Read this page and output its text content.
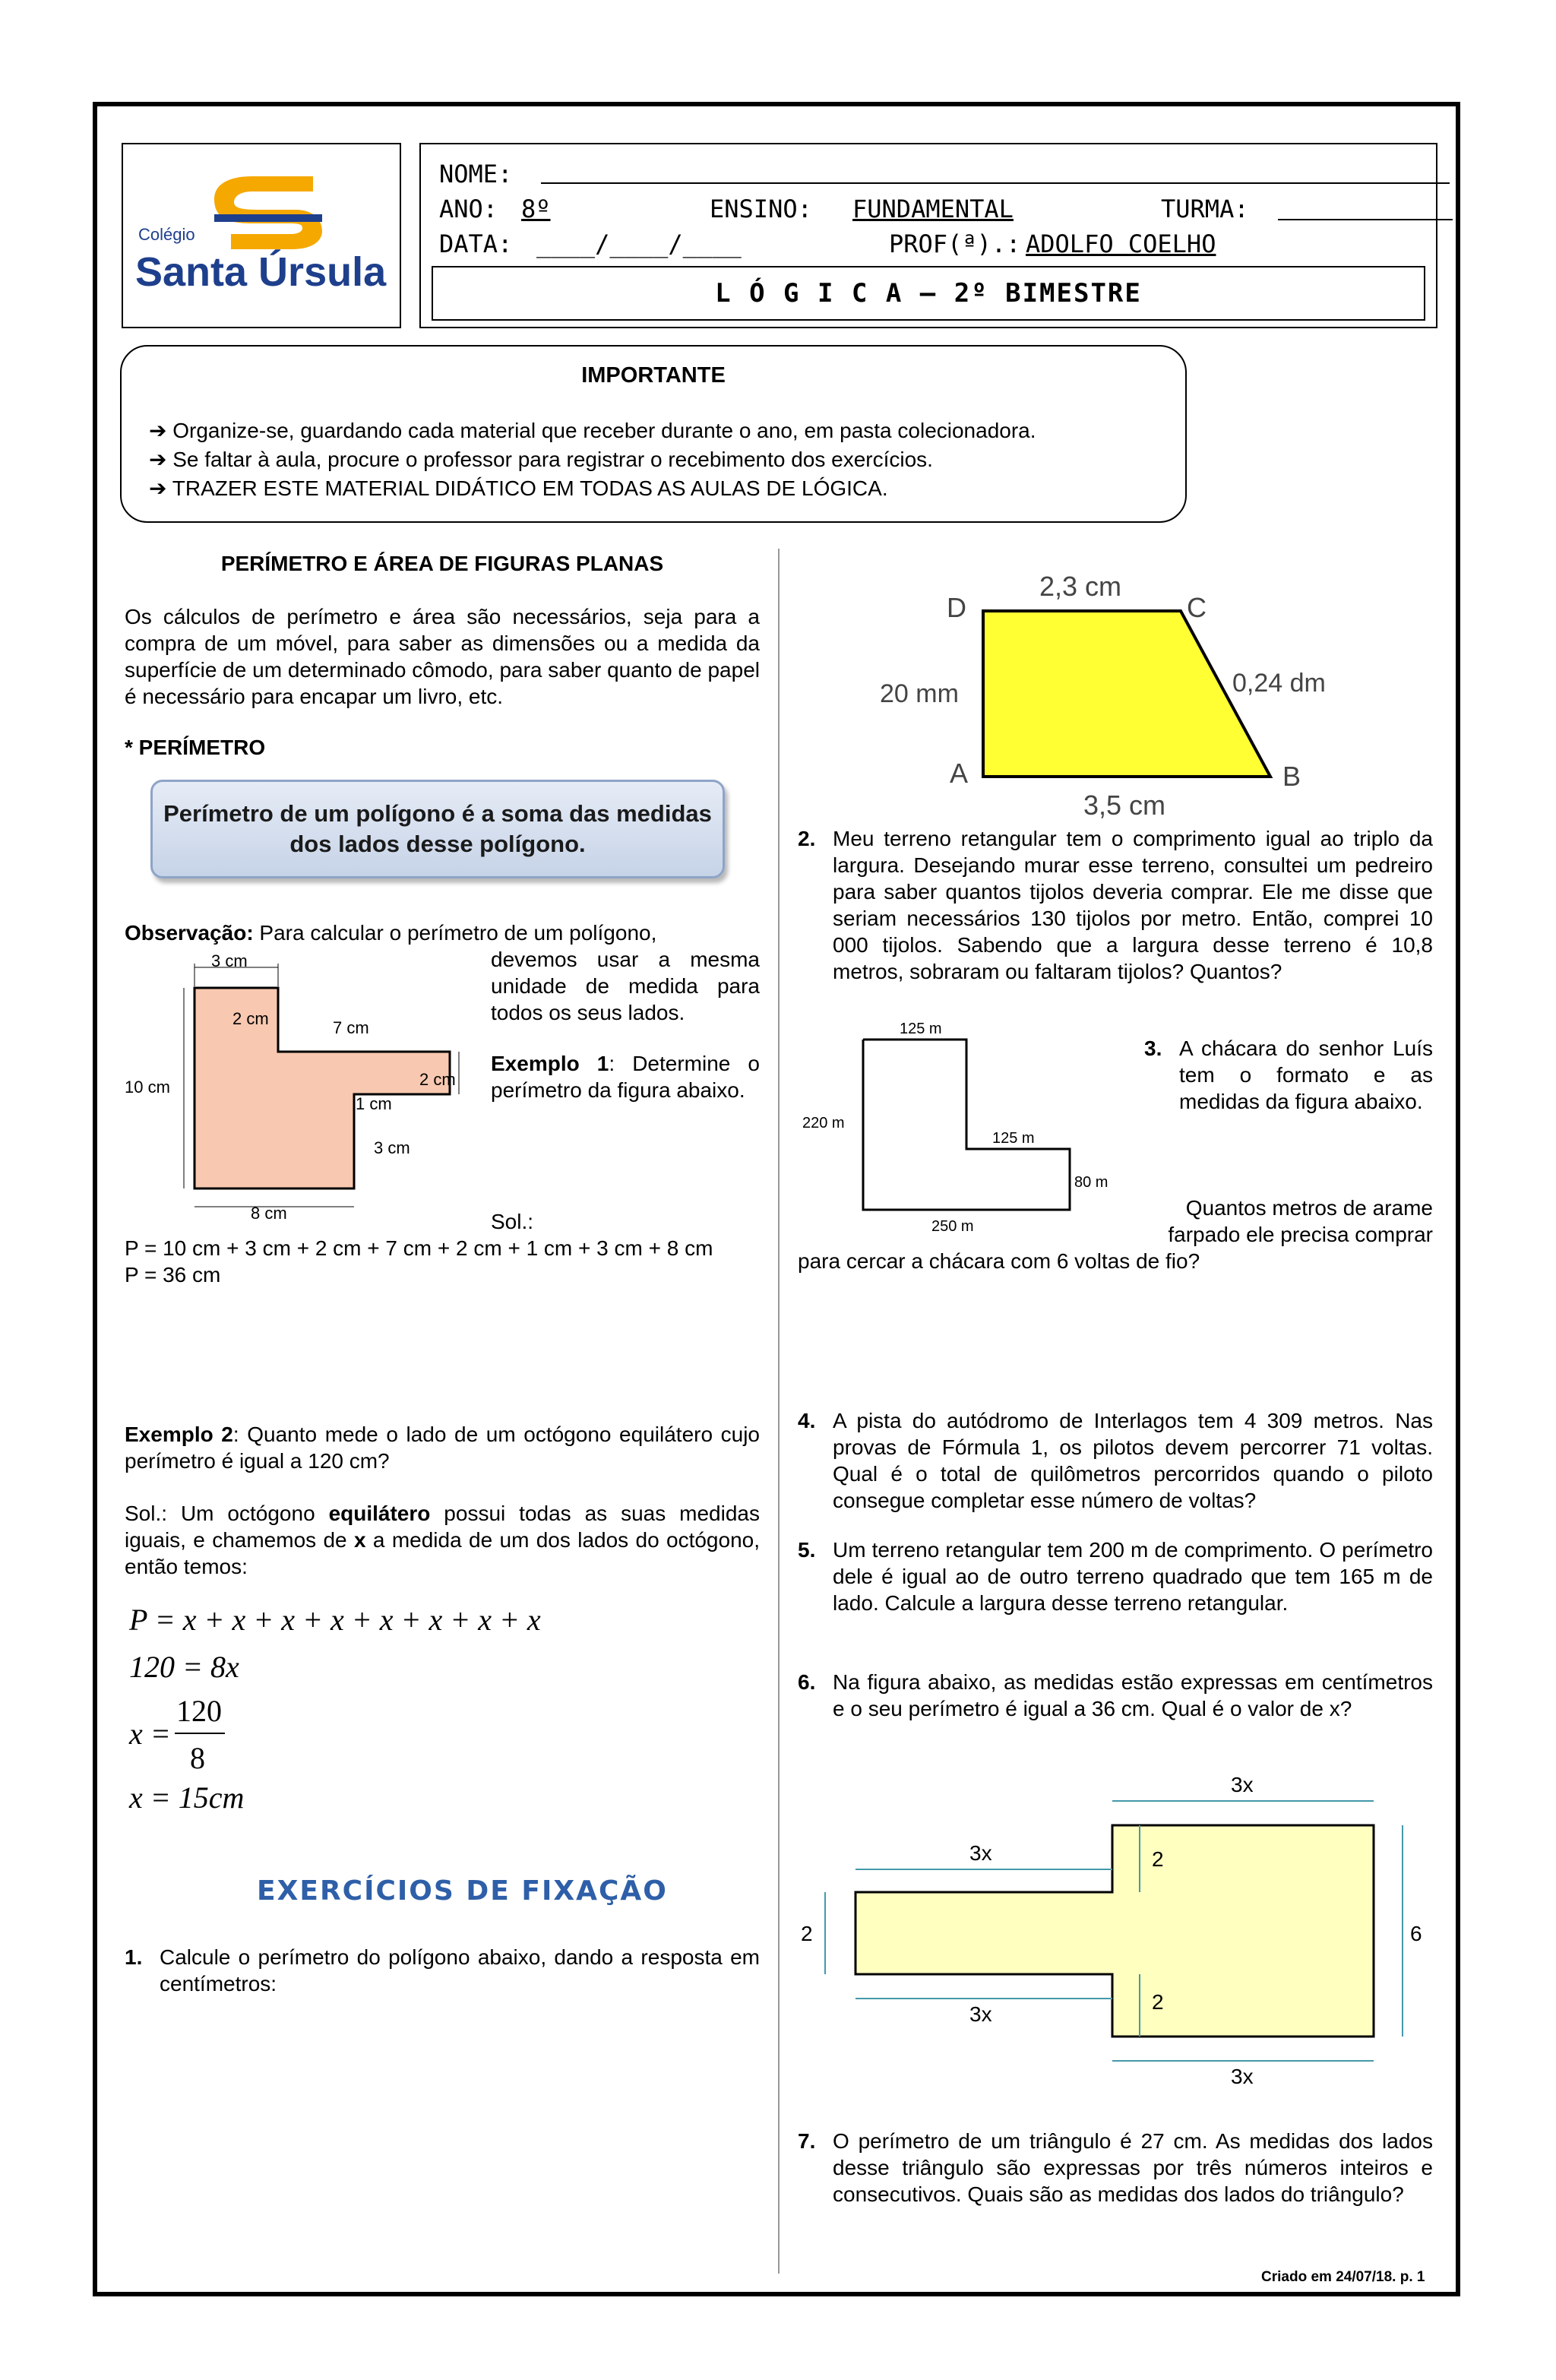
Colégio
Santa Úrsula
NOME:
ANO: 8º	ENSINO: FUNDAMENTAL	TURMA:
DATA: ____/____/____	PROF(ª).: ADOLFO COELHO
L Ó G I C A – 2º BIMESTRE
IMPORTANTE
➔ Organize-se, guardando cada material que receber durante o ano, em pasta colecionadora.
➔ Se faltar à aula, procure o professor para registrar o recebimento dos exercícios.
➔ TRAZER ESTE MATERIAL DIDÁTICO EM TODAS AS AULAS DE LÓGICA.
PERÍMETRO E ÁREA DE FIGURAS PLANAS
Os cálculos de perímetro e área são necessários, seja para a compra de um móvel, para saber as dimensões ou a medida da superfície de um determinado cômodo, para saber quanto de papel é necessário para encapar um livro, etc.
* PERÍMETRO
Perímetro de um polígono é a soma das medidas dos lados desse polígono.
Observação: Para calcular o perímetro de um polígono,
devemos usar a mesma unidade de medida para todos os seus lados.
3 cm
10 cm
2 cm	7 cm
2 cm
1 cm
3 cm
8 cm
Exemplo 1: Determine o perímetro da figura abaixo.
Sol.:
P = 10 cm + 3 cm + 2 cm + 7 cm + 2 cm + 1 cm + 3 cm + 8 cm
P = 36 cm
Exemplo 2: Quanto mede o lado de um octógono equilátero cujo perímetro é igual a 120 cm?
Sol.: Um octógono equilátero possui todas as suas medidas iguais, e chamemos de x a medida de um dos lados do octógono, então temos:
P = x + x + x + x + x + x + x + x
120 = 8x
x =
120
8
x = 15cm
EXERCÍCIOS DE FIXAÇÃO
1. Calcule o perímetro do polígono abaixo, dando a resposta em centímetros:
2,3 cm
D	C
20 mm	0,24 dm
A	B
3,5 cm
2. Meu terreno retangular tem o comprimento igual ao triplo da largura. Desejando murar esse terreno, consultei um pedreiro para saber quantos tijolos deveria comprar. Ele me disse que seriam necessários 130 tijolos por metro. Então, comprei 10 000 tijolos. Sabendo que a largura desse terreno é 10,8 metros, sobraram ou faltaram tijolos? Quantos?
125 m
220 m
125 m
80 m
250 m
3. A chácara do senhor Luís tem o formato e as medidas da figura abaixo.
Quantos metros de arame
farpado ele precisa comprar
para cercar a chácara com 6 voltas de fio?
4. A pista do autódromo de Interlagos tem 4 309 metros. Nas provas de Fórmula 1, os pilotos devem percorrer 71 voltas. Qual é o total de quilômetros percorridos quando o piloto consegue completar esse número de voltas?
5. Um terreno retangular tem 200 m de comprimento. O perímetro dele é igual ao de outro terreno quadrado que tem 165 m de lado. Calcule a largura desse terreno retangular.
6. Na figura abaixo, as medidas estão expressas em centímetros e o seu perímetro é igual a 36 cm. Qual é o valor de x?
3x
3x	2
2	6
2
3x
3x
7. O perímetro de um triângulo é 27 cm. As medidas dos lados desse triângulo são expressas por três números inteiros e consecutivos. Quais são as medidas dos lados do triângulo?
Criado em 24/07/18. p. 1
